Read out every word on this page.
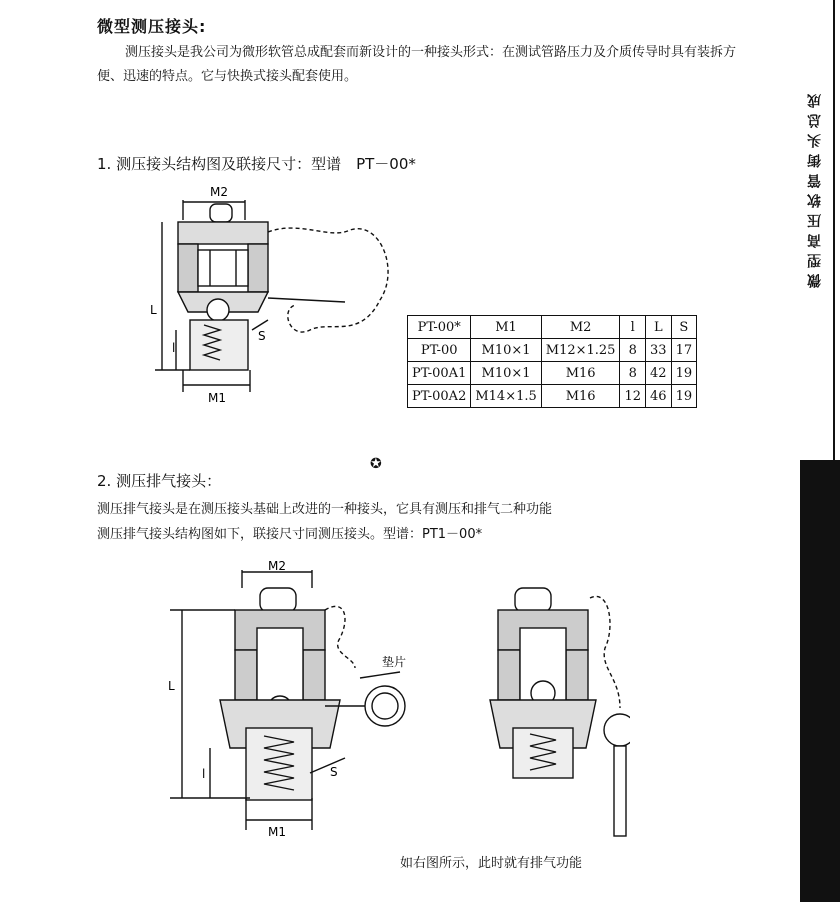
微型测压接头:
测压接头是我公司为微形软管总成配套而新设计的一种接头形式：在测试管路压力及介质传导时具有装拆方便、迅速的特点。它与快换式接头配套使用。
1. 测压接头结构图及联接尺寸：型谱　PT－00*
M2
M1
L
l
S
PT-00*	M1	M2	l	L	S
PT-00	M10×1	M12×1.25	8	33	17
PT-00A1	M10×1	M16	8	42	19
PT-00A2	M14×1.5	M16	12	46	19
✪
2. 测压排气接头：
测压排气接头是在测压接头基础上改进的一种接头，它具有测压和排气二种功能
测压排气接头结构图如下，联接尺寸同测压接头。型谱：PT1－00*
M2
M1
L
l	S
垫片
如右图所示，此时就有排气功能
微型高压软管街头总成
